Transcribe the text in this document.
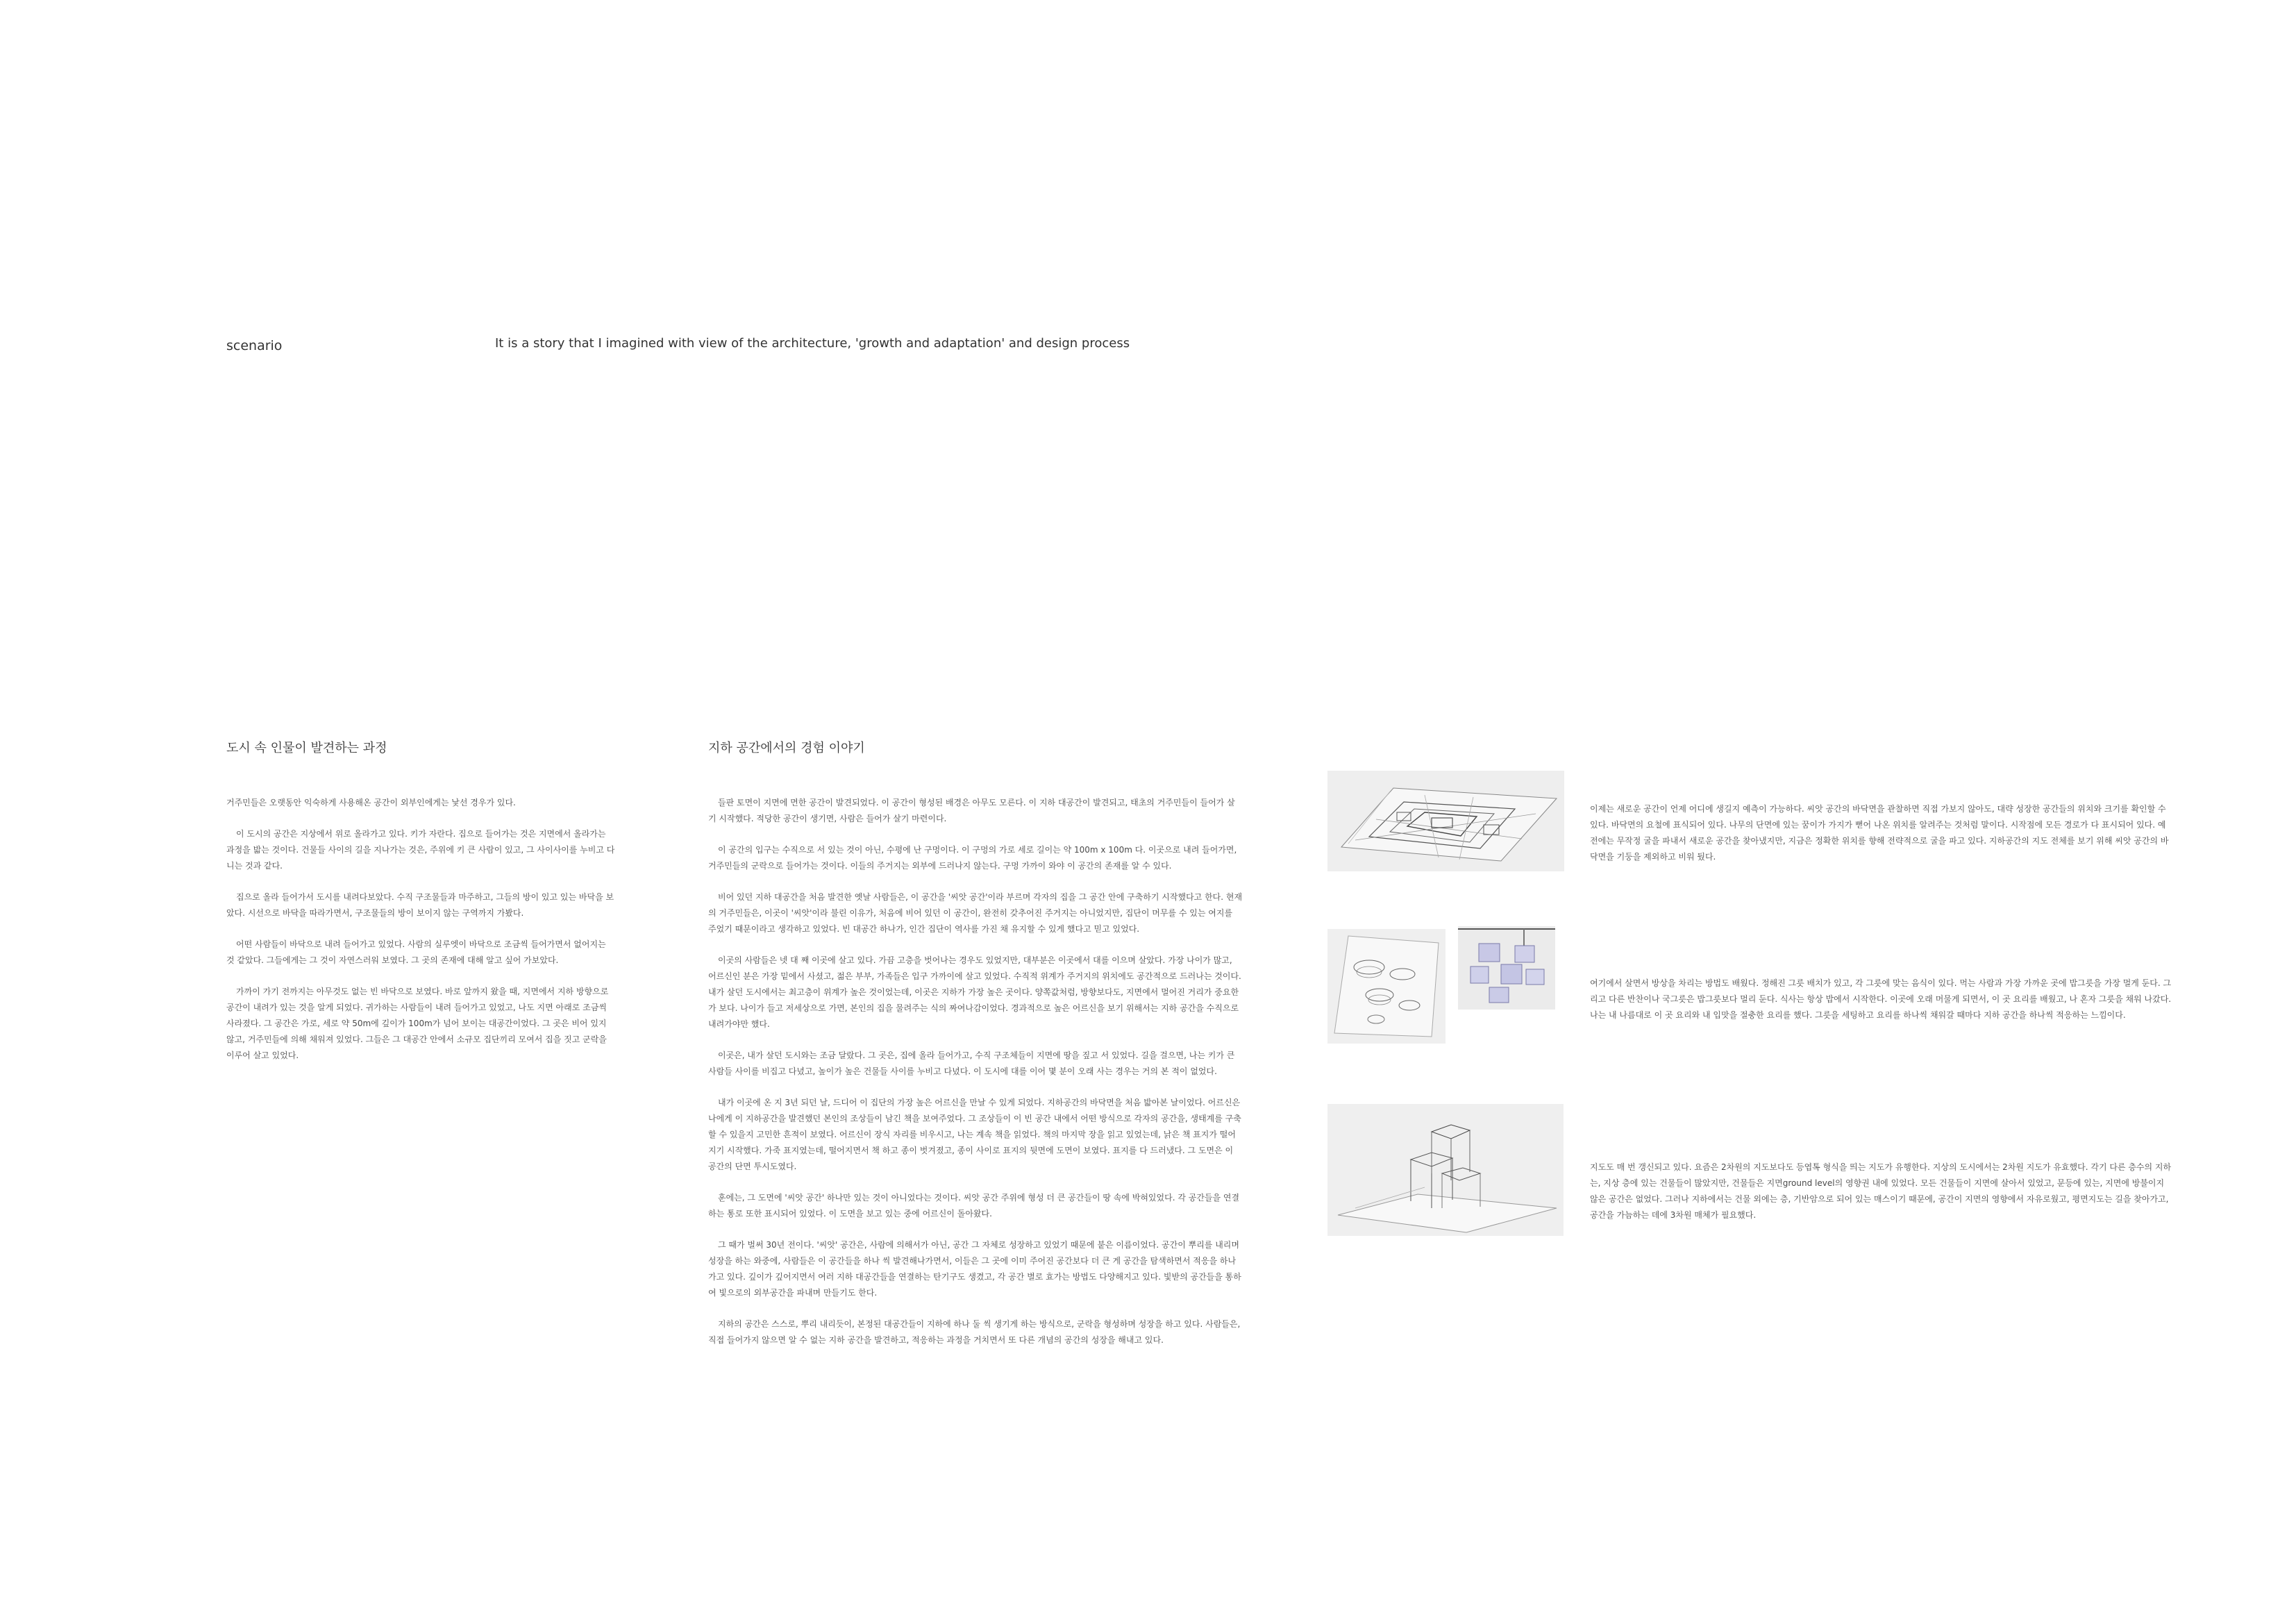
scenario	It is a story that I imagined with view of the architecture, 'growth and adaptation' and design process
도시 속 인물이 발견하는 과정

거주민들은 오랫동안 익숙하게 사용해온 공간이 외부인에게는 낯선 경우가 있다.

이 도시의 공간은 지상에서 위로 올라가고 있다. 키가 자란다. 집으로 들어가는 것은 지면에서 올라가는 과정을 밟는 것이다. 건물들 사이의 길을 지나가는 것은, 주위에 키 큰 사람이 있고, 그 사이사이를 누비고 다니는 것과 같다.

집으로 올라 들어가서 도시를 내려다보았다. 수직 구조물들과 마주하고, 그들의 방이 있고 있는 바닥을 보았다. 시선으로 바닥을 따라가면서, 구조물들의 방이 보이지 않는 구역까지 가봤다.

어떤 사람들이 바닥으로 내려 들어가고 있었다. 사람의 실루엣이 바닥으로 조금씩 들어가면서 없어지는 것 같았다. 그들에게는 그 것이 자연스러워 보였다. 그 곳의 존재에 대해 알고 싶어 가보았다.

가까이 가기 전까지는 아무것도 없는 빈 바닥으로 보였다. 바로 앞까지 왔을 때, 지면에서 지하 방향으로 공간이 내려가 있는 것을 알게 되었다. 귀가하는 사람들이 내려 들어가고 있었고, 나도 지면 아래로 조금씩 사라졌다. 그 공간은 가로, 세로 약 50m에 깊이가 100m가 넘어 보이는 대공간이었다. 그 곳은 비어 있지 않고, 거주민들에 의해 채워져 있었다. 그들은 그 대공간 안에서 소규모 집단끼리 모여서 집을 짓고 군락을 이루어 살고 있었다.

지하 공간에서의 경험 이야기

들판 토면이 지면에 면한 공간이 발견되었다. 이 공간이 형성된 배경은 아무도 모른다. 이 지하 대공간이 발견되고, 태초의 거주민들이 들어가 살기 시작했다. 적당한 공간이 생기면, 사람은 들어가 살기 마련이다.

이 공간의 입구는 수직으로 서 있는 것이 아닌, 수평에 난 구멍이다. 이 구멍의 가로 세로 길이는 약 100m x 100m 다. 이곳으로 내려 들어가면, 거주민들의 군락으로 들어가는 것이다. 이들의 주거지는 외부에 드러나지 않는다. 구멍 가까이 와야 이 공간의 존재를 알 수 있다.

비어 있던 지하 대공간을 처음 발견한 옛날 사람들은, 이 공간을 '씨앗 공간'이라 부르며 각자의 집을 그 공간 안에 구축하기 시작했다고 한다. 현재의 거주민들은, 이곳이 '씨앗'이라 불린 이유가, 처음에 비어 있던 이 공간이, 완전히 갖추어진 주거지는 아니었지만, 집단이 머무를 수 있는 여지를 주었기 때문이라고 생각하고 있었다. 빈 대공간 하나가, 인간 집단이 역사를 가진 채 유지할 수 있게 했다고 믿고 있었다.

이곳의 사람들은 넷 대 째 이곳에 살고 있다. 가끔 고층을 벗어나는 경우도 있었지만, 대부분은 이곳에서 대를 이으며 살았다. 가장 나이가 많고, 어르신인 분은 가장 밑에서 사셨고, 젊은 부부, 가족들은 입구 가까이에 살고 있었다. 수직적 위계가 주거지의 위치에도 공간적으로 드러나는 것이다. 내가 살던 도시에서는 최고층이 위계가 높은 것이었는데, 이곳은 지하가 가장 높은 곳이다. 양쪽값처럼, 방향보다도, 지면에서 멀어진 거리가 중요한가 보다. 나이가 들고 저세상으로 가면, 본인의 집을 물려주는 식의 짜여나감이었다. 경과적으로 높은 어르신을 보기 위해서는 지하 공간을 수직으로 내려가야만 했다.

이곳은, 내가 살던 도시와는 조금 달랐다. 그 곳은, 집에 올라 들어가고, 수직 구조체들이 지면에 땅을 짚고 서 있었다. 길을 걸으면, 나는 키가 큰 사람들 사이를 비집고 다녔고, 높이가 높은 건물들 사이를 누비고 다녔다. 이 도시에 대를 이어 몇 분이 오래 사는 경우는 거의 본 적이 없었다.

내가 이곳에 온 지 3년 되던 날, 드디어 이 집단의 가장 높은 어르신을 만날 수 있게 되었다. 지하공간의 바닥면을 처음 밟아본 날이었다. 어르신은 나에게 이 지하공간을 발견했던 본인의 조상들이 남긴 책을 보여주었다. 그 조상들이 이 빈 공간 내에서 어떤 방식으로 각자의 공간을, 생태계를 구축할 수 있을지 고민한 흔적이 보였다. 어르신이 장식 자리를 비우시고, 나는 계속 책을 읽었다. 책의 마지막 장을 읽고 있었는데, 낡은 책 표지가 떨어지기 시작했다. 가죽 표지였는데, 떨어지면서 책 하고 종이 벗겨졌고, 종이 사이로 표지의 뒷면에 도면이 보였다. 표지를 다 드러냈다. 그 도면은 이 공간의 단면 투시도였다.

훈에는, 그 도면에 '씨앗 공간' 하나만 있는 것이 아니었다는 것이다. 씨앗 공간 주위에 형성 더 큰 공간들이 땅 속에 박혀있었다. 각 공간들을 연결하는 통로 또한 표시되어 있었다. 이 도면을 보고 있는 중에 어르신이 돌아왔다.

그 때가 벌써 30년 전이다. '씨앗' 공간은, 사람에 의해서가 아닌, 공간 그 자체로 성장하고 있었기 때문에 붙은 이름이었다. 공간이 뿌리를 내리며 성장을 하는 와중에, 사람들은 이 공간들을 하나 씩 발견해나가면서, 이들은 그 곳에 이미 주어진 공간보다 더 큰 게 공간을 탐색하면서 적응을 하나가고 있다. 깊이가 깊어지면서 여러 지하 대공간들을 연결하는 탄기구도 생겼고, 각 공간 별로 효가는 방법도 다양해지고 있다. 빛받의 공간들을 통하여 빛으로의 외부공간을 파내며 만들기도 한다.

지하의 공간은 스스로, 뿌리 내리듯이, 본정된 대공간들이 지하에 하나 둘 씩 생기게 하는 방식으로, 군락을 형성하며 성장을 하고 있다. 사람들은, 직접 들어가지 않으면 알 수 없는 지하 공간을 발견하고, 적응하는 과정을 거치면서 또 다른 개념의 공간의 성장을 해내고 있다.

이제는 새로운 공간이 언제 어디에 생길지 예측이 가능하다. 씨앗 공간의 바닥면을 관찰하면 직접 가보지 않아도, 대략 성장한 공간들의 위치와 크기를 확인할 수 있다. 바닥면의 요철에 표식되어 있다. 나무의 단면에 있는 꿈이가 가지가 뻗어 나온 위치를 알려주는 것처럼 말이다. 시작점에 모든 경로가 다 표시되어 있다. 예전에는 무작정 굴을 파내서 새로운 공간을 찾아냈지만, 지금은 정확한 위치를 향해 전략적으로 굴을 파고 있다. 지하공간의 지도 전체를 보기 위해 씨앗 공간의 바닥면을 기둥을 제외하고 비워 뒀다.
여기에서 살면서 방상을 차리는 방법도 배웠다. 정해진 그릇 배치가 있고, 각 그릇에 맞는 음식이 있다. 먹는 사람과 가장 가까운 곳에 밥그릇을 가장 멀게 둔다. 그리고 다른 반찬이나 국그릇은 밥그릇보다 멀리 둔다. 식사는 항상 밥에서 시작한다. 이곳에 오래 머물게 되면서, 이 곳 요리를 배웠고, 나 혼자 그릇을 채워 나갔다. 나는 내 나름대로 이 곳 요리와 내 입맛을 절충한 요리를 했다. 그릇을 세팅하고 요리를 하나씩 채워갈 때마다 지하 공간을 하나씩 적응하는 느낌이다.
지도도 매 번 갱신되고 있다. 요즘은 2차원의 지도보다도 등엽톡 형식을 띄는 지도가 유행한다. 지상의 도시에서는 2차원 지도가 유효했다. 각기 다른 층수의 지하는, 지상 층에 있는 건물들이 많았지만, 건물들은 지면ground level의 영향권 내에 있었다. 모든 건물들이 지면에 살아서 있었고, 문등에 있는, 지면에 방불이지 않은 공간은 없었다. 그러나 지하에서는 건물 외에는 층, 기반암으로 되어 있는 매스이기 때문에, 공간이 지면의 영향에서 자유로웠고, 평면지도는 길을 찾아가고, 공간을 가늠하는 데에 3차원 매체가 필요했다.
